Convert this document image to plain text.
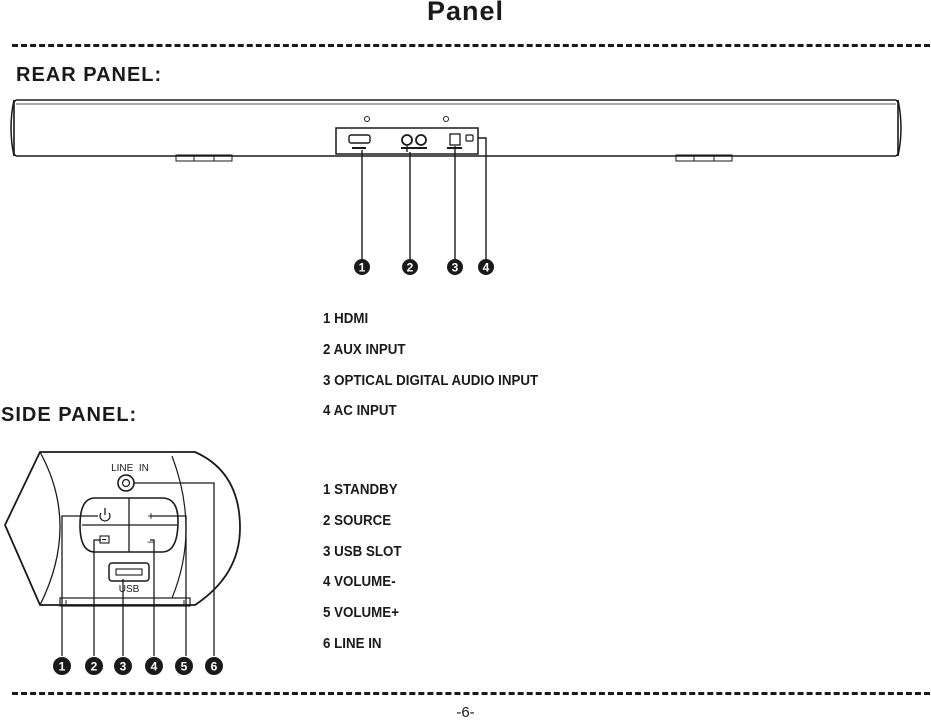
Panel
REAR PANEL:
1	2	3 4
LINE  IN
USB
+
–
1 2 3 4 5 6
1 HDMI
2 AUX INPUT
3 OPTICAL DIGITAL AUDIO INPUT
4 AC INPUT
SIDE PANEL:
1 STANDBY
2 SOURCE
3 USB SLOT
4 VOLUME-
5 VOLUME+
6 LINE IN
-6-
